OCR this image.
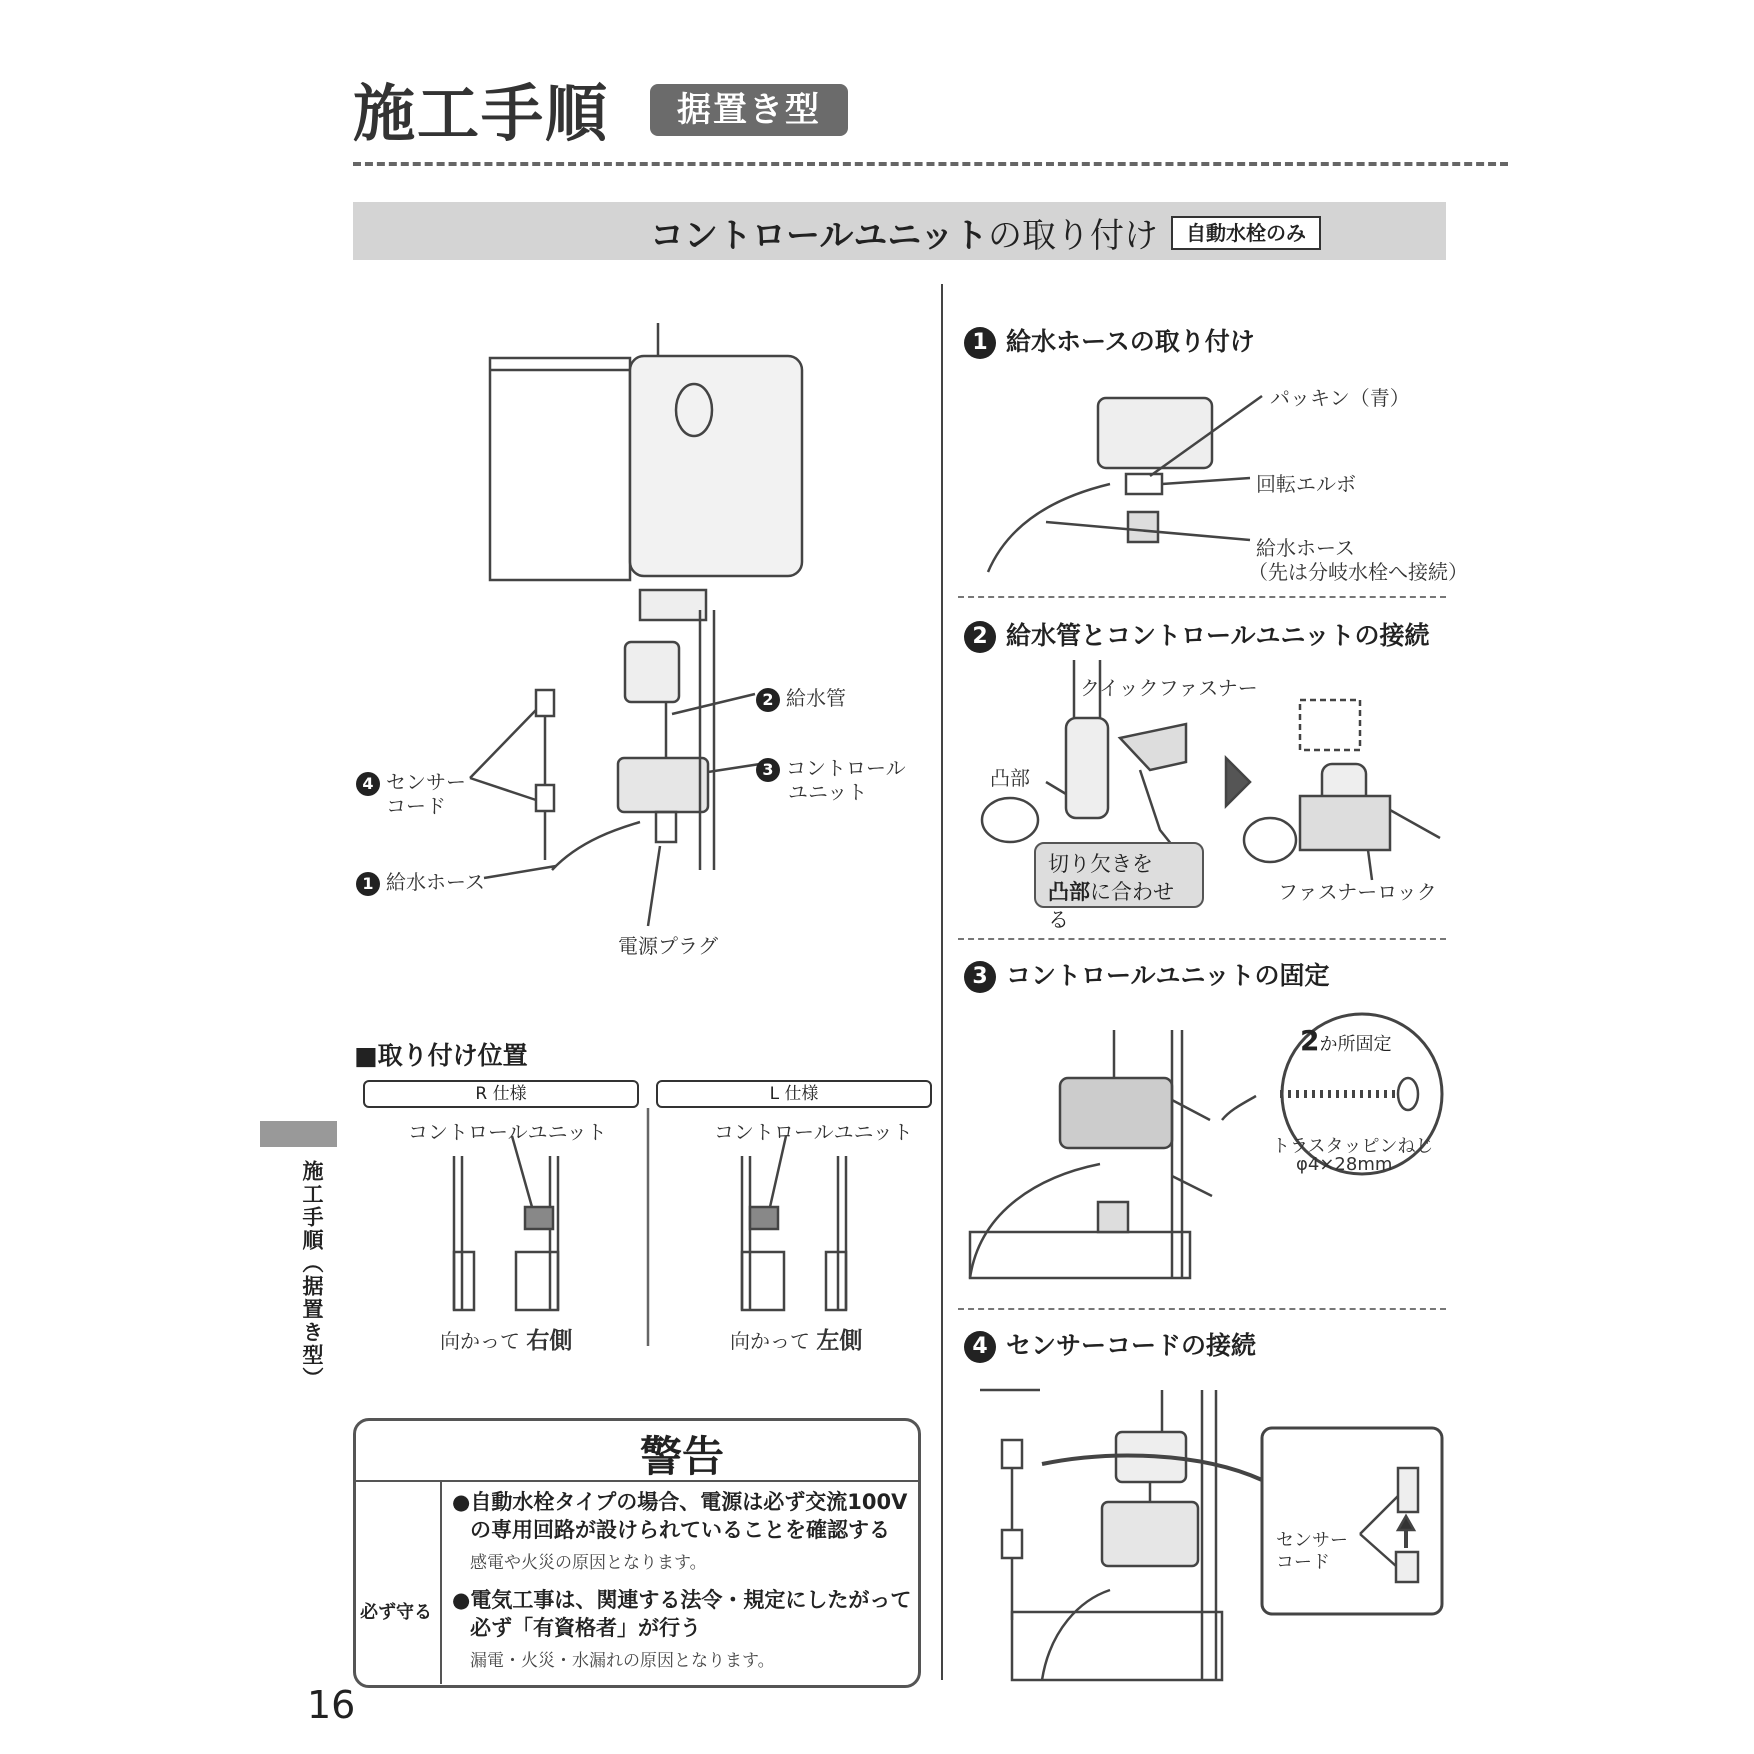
施工手順	据置き型
コントロールユニットの取り付け	自動水栓のみ
2 給水管
3 コントロール
ユニット
4 センサー
コード
1 給水ホース
電源プラグ
■取り付け位置
R 仕様	L 仕様
コントロールユニット	コントロールユニット
向かって 右側	向かって 左側
警告
必ず守る
●自動水栓タイプの場合、電源は必ず交流100V
の専用回路が設けられていることを確認する
感電や火災の原因となります。
●電気工事は、関連する法令・規定にしたがって
必ず「有資格者」が行う
漏電・火災・水漏れの原因となります。
1 給水ホースの取り付け
パッキン（青）
回転エルボ
給水ホース
（先は分岐水栓へ接続）
2 給水管とコントロールユニットの接続
クイックファスナー
凸部
切り欠きを
凸部に合わせる
ファスナーロック
3 コントロールユニットの固定
2か所固定
トラスタッピンねじ
φ4×28mm
4 センサーコードの接続
センサー
コード
施工手順（据置き型）
16
